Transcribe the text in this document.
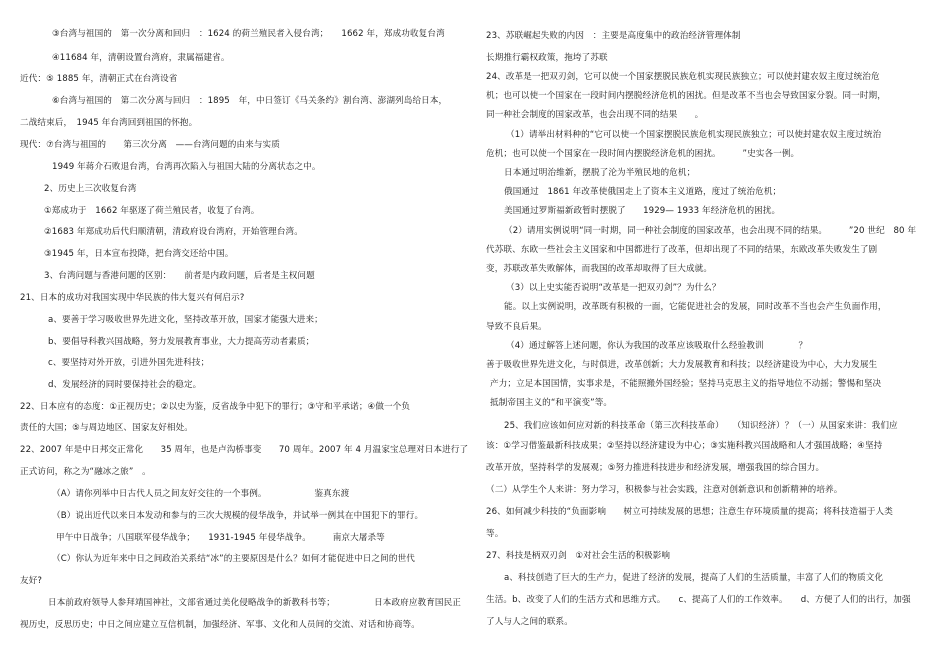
③台湾与祖国的　第一次分离和回归　：1624 的荷兰殖民者入侵台湾；　　1662 年，郑成功收复台湾
④11684 年，清朝设置台湾府，隶属福建省。
近代：⑤ 1885 年，清朝正式在台湾设省
⑥台湾与祖国的　第二次分离与回归　：1895　年，中日签订《马关条约》割台湾、澎湖列岛给日本，
二战结束后，　1945 年台湾回到祖国的怀抱。
现代：⑦台湾与祖国的　　第三次分离　——台湾问题的由来与实质
1949 年蒋介石败退台湾，台湾再次陷入与祖国大陆的分离状态之中。
2、历史上三次收复台湾
①郑成功于　1662 年驱逐了荷兰殖民者，收复了台湾。
②1683 年郑成功后代归顺清朝，清政府设台湾府，开始管理台湾。
③1945 年，日本宣布投降，把台湾交还给中国。
3、台湾问题与香港问题的区别：　　前者是内政问题，后者是主权问题
21、日本的成功对我国实现中华民族的伟大复兴有何启示?
a、要善于学习吸收世界先进文化，坚持改革开放，国家才能强大进来；
b、要倡导科教兴国战略，努力发展教育事业，大力提高劳动者素质；
c、要坚持对外开放，引进外国先进科技；
d、发展经济的同时要保持社会的稳定。
22、日本应有的态度：①正视历史；②以史为鉴，反省战争中犯下的罪行；③守和平承诺；④做一个负
责任的大国；⑤与周边地区、国家友好相处。
22、2007 年是中日邦交正常化　　35 周年，也是卢沟桥事变　　70 周年。2007 年 4 月温家宝总理对日本进行了
正式访问，称之为“融冰之旅”　。
（A）请你列举中日古代人员之间友好交往的一个事例。　　　　　　鉴真东渡
（B）说出近代以来日本发动和参与的三次大规模的侵华战争，并试举一例其在中国犯下的罪行。
甲午中日战争；八国联军侵华战争；　　1931-1945 年侵华战争。　　　南京大屠杀等
（C）你认为近年来中日之间政治关系结“冰”的主要原因是什么？如何才能促进中日之间的世代
友好?
日本前政府领导人参拜靖国神社，文部省通过美化侵略战争的新教科书等；　　　　　日本政府应教育国民正
视历史，反思历史；中日之间应建立互信机制，加强经济、军事、文化和人员间的交流、对话和协商等。
23、苏联崛起失败的内因　：主要是高度集中的政治经济管理体制
长期推行霸权政策，拖垮了苏联
24、改革是一把双刃剑，它可以使一个国家摆脱民族危机实现民族独立；可以使封建农奴主度过统治危
机；也可以使一个国家在一段时间内摆脱经济危机的困扰。但是改革不当也会导致国家分裂。同一时期，
同一种社会制度的国家改革，也会出现不同的结果　　。
（1）请举出材料种的“它可以使一个国家摆脱民族危机实现民族独立；可以使封建农奴主度过统治
危机；也可以使一个国家在一段时间内摆脱经济危机的困扰。　　　”史实各一例。
日本通过明治维新，摆脱了沦为半殖民地的危机；
俄国通过　1861 年改革使俄国走上了资本主义道路，度过了统治危机；
美国通过罗斯福新政暂时摆脱了　　1929— 1933 年经济危机的困扰。
（2）请用实例说明“同一时期，同一种社会制度的国家改革，也会出现不同的结果。　　　”20 世纪　80 年
代苏联、东欧一些社会主义国家和中国都进行了改革，但却出现了不同的结果，东欧改革失败发生了剧
变，苏联改革失败解体，而我国的改革却取得了巨大成就。
（3）以上史实能否说明“改革是一把双刃剑”？为什么？
能。以上实例说明，改革既有积极的一面，它能促进社会的发展，同时改革不当也会产生负面作用，
导致不良后果。
（4）通过解答上述问题，你认为我国的改革应该吸取什么经验教训　　　　？
善于吸收世界先进文化，与时俱进，改革创新；大力发展教育和科技；以经济建设为中心，大力发展生
产力；立足本国国情，实事求是，不能照搬外国经验；坚持马克思主义的指导地位不动摇；警惕和坚决
抵制帝国主义的“和平演变”等。
25、我们应该如何应对新的科技革命（第三次科技革命）　　（知识经济）？（一）从国家来讲：我们应
该：①学习借鉴最新科技成果；②坚持以经济建设为中心；③实施科教兴国战略和人才强国战略；④坚持
改革开放，坚持科学的发展观；⑤努力推进科技进步和经济发展，增强我国的综合国力。
（二）从学生个人来讲：努力学习，积极参与社会实践，注意对创新意识和创新精神的培养。
26、如何减少科技的“负面影响　　树立可持续发展的思想；注意生存环境质量的提高；将科技造福于人类
等。
27、科技是柄双刃剑　①对社会生活的积极影响
a、科技创造了巨大的生产力，促进了经济的发展，提高了人们的生活质量，丰富了人们的物质文化
生活。b、改变了人们的生活方式和思维方式。　　c、提高了人们的工作效率。　　d、方便了人们的出行，加强
了人与人之间的联系。
